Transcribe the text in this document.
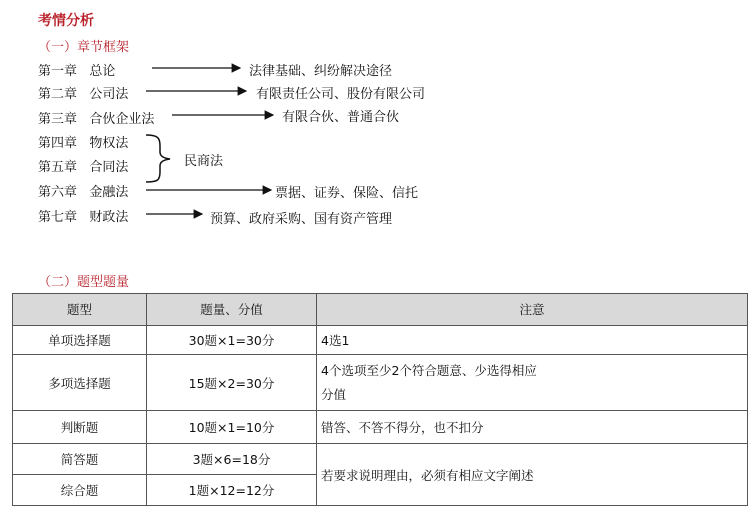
考情分析
（一）章节框架
第一章 总论
第二章 公司法
第三章 合伙企业法
第四章 物权法
第五章 合同法
第六章 金融法
第七章 财政法
法律基础、纠纷解决途径
有限责任公司、股份有限公司
有限合伙、普通合伙
民商法
票据、证券、保险、信托
预算、政府采购、国有资产管理
（二）题型题量
题型	题量、分值	注意
单项选择题	30题×1=30分	4选1
多项选择题	15题×2=30分	4个选项至少2个符合题意、少选得相应
分值

判断题	10题×1=10分	错答、不答不得分，也不扣分
简答题	3题×6=18分	若要求说明理由，必须有相应文字阐述
综合题	1题×12=12分	
